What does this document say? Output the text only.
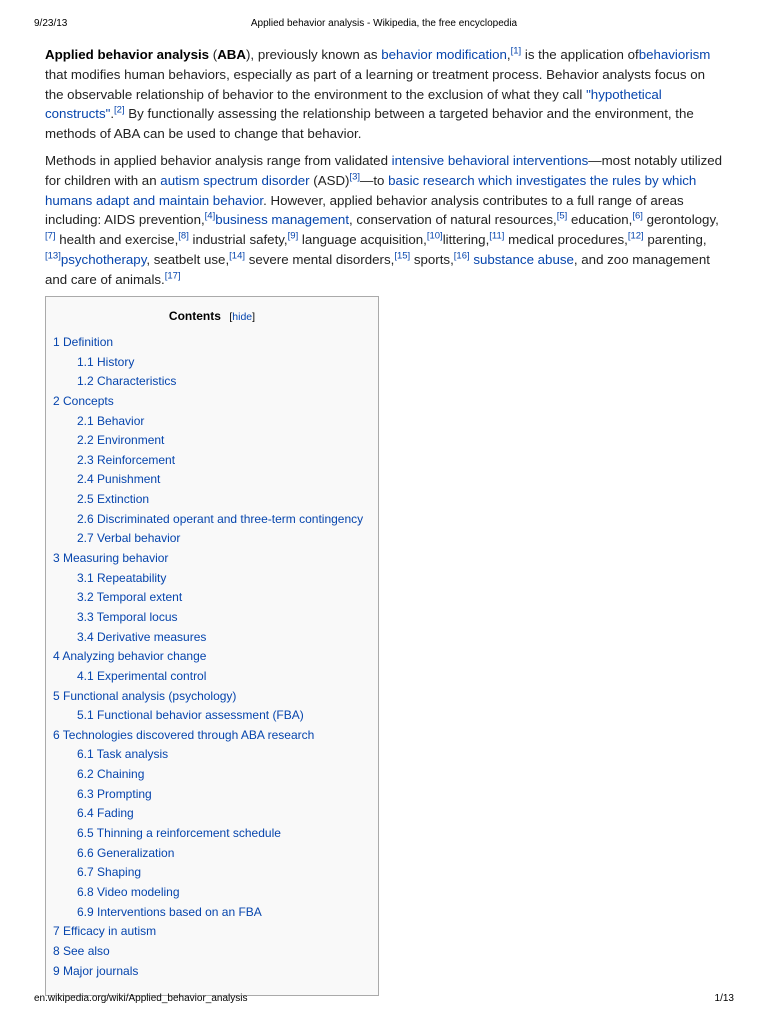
9/23/13	Applied behavior analysis - Wikipedia, the free encyclopedia

Applied behavior analysis (ABA), previously known as behavior modification,[1] is the application ofbehaviorism that modifies human behaviors, especially as part of a learning or treatment process. Behavior analysts focus on the observable relationship of behavior to the environment to the exclusion of what they call "hypothetical constructs".[2] By functionally assessing the relationship between a targeted behavior and the environment, the methods of ABA can be used to change that behavior.

Methods in applied behavior analysis range from validated intensive behavioral interventions—most notably utilized for children with an autism spectrum disorder (ASD)[3]—to basic research which investigates the rules by which humans adapt and maintain behavior. However, applied behavior analysis contributes to a full range of areas including: AIDS prevention,[4]business management, conservation of natural resources,[5] education,[6] gerontology,[7] health and exercise,[8] industrial safety,[9] language acquisition,[10]littering,[11] medical procedures,[12] parenting,[13]psychotherapy, seatbelt use,[14] severe mental disorders,[15] sports,[16] substance abuse, and zoo management and care of animals.[17]

Contents [hide]
1 Definition
1.1 History
1.2 Characteristics
2 Concepts
2.1 Behavior
2.2 Environment
2.3 Reinforcement
2.4 Punishment
2.5 Extinction
2.6 Discriminated operant and three-term contingency
2.7 Verbal behavior
3 Measuring behavior
3.1 Repeatability
3.2 Temporal extent
3.3 Temporal locus
3.4 Derivative measures
4 Analyzing behavior change
4.1 Experimental control
5 Functional analysis (psychology)
5.1 Functional behavior assessment (FBA)
6 Technologies discovered through ABA research
6.1 Task analysis
6.2 Chaining
6.3 Prompting
6.4 Fading
6.5 Thinning a reinforcement schedule
6.6 Generalization
6.7 Shaping
6.8 Video modeling
6.9 Interventions based on an FBA
7 Efficacy in autism
8 See also
9 Major journals
en.wikipedia.org/wiki/Applied_behavior_analysis	1/13
